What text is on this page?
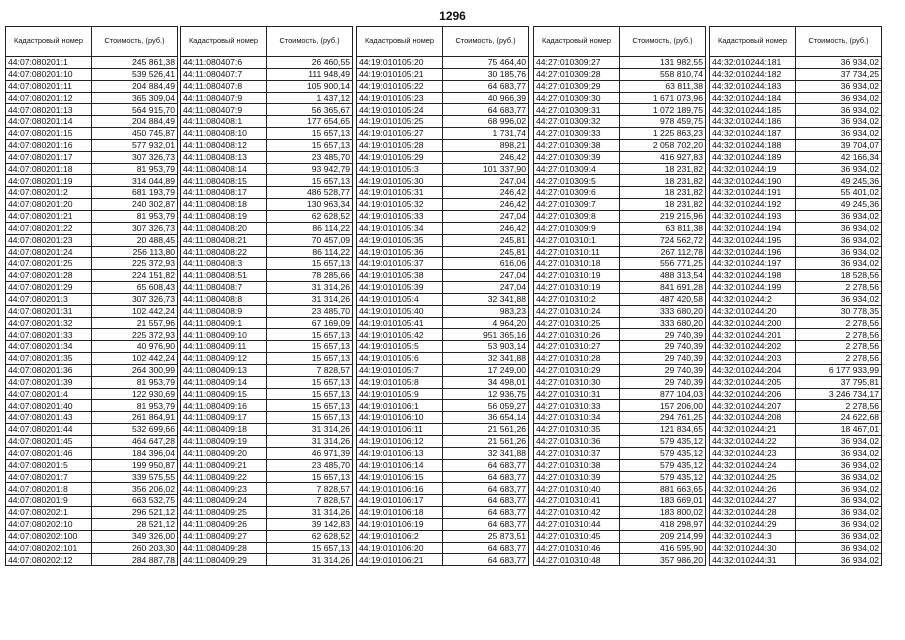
1296
Кадастровый номер	Стоимость, (руб.)
44:07:080201:1	245 861,38
44:07:080201:10	539 526,41
44:07:080201:11	204 884,49
44:07:080201:12	365 309,04
44:07:080201:13	564 915,70
44:07:080201:14	204 884,49
44:07:080201:15	450 745,87
44:07:080201:16	577 932,01
44:07:080201:17	307 326,73
44:07:080201:18	81 953,79
44:07:080201:19	314 044,89
44:07:080201:2	681 193,79
44:07:080201:20	240 302,87
44:07:080201:21	81 953,79
44:07:080201:22	307 326,73
44:07:080201:23	20 488,45
44:07:080201:24	256 113,80
44:07:080201:25	225 372,93
44:07:080201:28	224 151,82
44:07:080201:29	65 608,43
44:07:080201:3	307 326,73
44:07:080201:31	102 442,24
44:07:080201:32	21 557,96
44:07:080201:33	225 372,93
44:07:080201:34	40 976,90
44:07:080201:35	102 442,24
44:07:080201:36	264 300,99
44:07:080201:39	81 953,79
44:07:080201:4	122 930,69
44:07:080201:40	81 953,79
44:07:080201:43	261 864,91
44:07:080201:44	532 699,66
44:07:080201:45	464 647,28
44:07:080201:46	184 396,04
44:07:080201:5	199 950,87
44:07:080201:7	339 575,55
44:07:080201:8	356 206,02
44:07:080201:9	663 532,75
44:07:080202:1	296 521,12
44:07:080202:10	28 521,12
44:07:080202:100	349 326,00
44:07:080202:101	260 203,30
44:07:080202:12	284 887,78
Кадастровый номер	Стоимость, (руб.)
44:11:080407:6	26 460,55
44:11:080407:7	111 948,49
44:11:080407:8	105 900,14
44:11:080407:9	1 437,12
44:11:080407:9	56 365,67
44:11:080408:1	177 654,65
44:11:080408:10	15 657,13
44:11:080408:12	15 657,13
44:11:080408:13	23 485,70
44:11:080408:14	93 942,79
44:11:080408:15	15 657,13
44:11:080408:17	486 528,77
44:11:080408:18	130 963,34
44:11:080408:19	62 628,52
44:11:080408:20	86 114,22
44:11:080408:21	70 457,09
44:11:080408:22	86 114,22
44:11:080408:3	15 657,13
44:11:080408:51	78 285,66
44:11:080408:7	31 314,26
44:11:080408:8	31 314,26
44:11:080408:9	23 485,70
44:11:080409:1	67 169,09
44:11:080409:10	15 657,13
44:11:080409:11	15 657,13
44:11:080409:12	15 657,13
44:11:080409:13	7 828,57
44:11:080409:14	15 657,13
44:11:080409:15	15 657,13
44:11:080409:16	15 657,13
44:11:080409:17	15 657,13
44:11:080409:18	31 314,26
44:11:080409:19	31 314,26
44:11:080409:20	46 971,39
44:11:080409:21	23 485,70
44:11:080409:22	15 657,13
44:11:080409:23	7 828,57
44:11:080409:24	7 828,57
44:11:080409:25	31 314,26
44:11:080409:26	39 142,83
44:11:080409:27	62 628,52
44:11:080409:28	15 657,13
44:11:080409:29	31 314,26
Кадастровый номер	Стоимость, (руб.)
44:19:010105:20	75 464,40
44:19:010105:21	30 185,76
44:19:010105:22	64 683,77
44:19:010105:23	40 966,39
44:19:010105:24	64 683,77
44:19:010105:25	68 996,02
44:19:010105:27	1 731,74
44:19:010105:28	898,21
44:19:010105:29	246,42
44:19:010105:3	101 337,90
44:19:010105:30	247,04
44:19:010105:31	246,42
44:19:010105:32	246,42
44:19:010105:33	247,04
44:19:010105:34	246,42
44:19:010105:35	245,81
44:19:010105:36	245,81
44:19:010105:37	616,06
44:19:010105:38	247,04
44:19:010105:39	247,04
44:19:010105:4	32 341,88
44:19:010105:40	983,23
44:19:010105:41	4 964,20
44:19:010105:42	951 365,16
44:19:010105:5	53 903,14
44:19:010105:6	32 341,88
44:19:010105:7	17 249,00
44:19:010105:8	34 498,01
44:19:010105:9	12 936,75
44:19:010106:1	56 059,27
44:19:010106:10	36 654,14
44:19:010106:11	21 561,26
44:19:010106:12	21 561,26
44:19:010106:13	32 341,88
44:19:010106:14	64 683,77
44:19:010106:15	64 683,77
44:19:010106:16	64 683,77
44:19:010106:17	64 683,77
44:19:010106:18	64 683,77
44:19:010106:19	64 683,77
44:19:010106:2	25 873,51
44:19:010106:20	64 683,77
44:19:010106:21	64 683,77
Кадастровый номер	Стоимость, (руб.)
44:27:010309:27	131 982,55
44:27:010309:28	558 810,74
44:27:010309:29	63 811,38
44:27:010309:30	1 671 073,96
44:27:010309:31	1 072 189,75
44:27:010309:32	978 459,75
44:27:010309:33	1 225 863,23
44:27:010309:38	2 058 702,20
44:27:010309:39	416 927,83
44:27:010309:4	18 231,82
44:27:010309:5	18 231,82
44:27:010309:6	18 231,82
44:27:010309:7	18 231,82
44:27:010309:8	219 215,96
44:27:010309:9	63 811,38
44:27:010310:1	724 562,72
44:27:010310:11	267 112,78
44:27:010310:18	556 771,25
44:27:010310:19	488 313,54
44:27:010310:19	841 691,28
44:27:010310:2	487 420,58
44:27:010310:24	333 680,20
44:27:010310:25	333 680,20
44:27:010310:26	29 740,39
44:27:010310:27	29 740,39
44:27:010310:28	29 740,39
44:27:010310:29	29 740,39
44:27:010310:30	29 740,39
44:27:010310:31	877 104,03
44:27:010310:33	157 206,00
44:27:010310:34	294 761,25
44:27:010310:35	121 834,65
44:27:010310:36	579 435,12
44:27:010310:37	579 435,12
44:27:010310:38	579 435,12
44:27:010310:39	579 435,12
44:27:010310:40	881 663,65
44:27:010310:41	183 669,01
44:27:010310:42	183 800,02
44:27:010310:44	418 298,97
44:27:010310:45	209 214,99
44:27:010310:46	416 595,90
44:27:010310:48	357 986,20
Кадастровый номер	Стоимость, (руб.)
44:32:010244:181	36 934,02
44:32:010244:182	37 734,25
44:32:010244:183	36 934,02
44:32:010244:184	36 934,02
44:32:010244:185	36 934,02
44:32:010244:186	36 934,02
44:32:010244:187	36 934,02
44:32:010244:188	39 704,07
44:32:010244:189	42 166,34
44:32:010244:19	36 934,02
44:32:010244:190	49 245,36
44:32:010244:191	55 401,02
44:32:010244:192	49 245,36
44:32:010244:193	36 934,02
44:32:010244:194	36 934,02
44:32:010244:195	36 934,02
44:32:010244:196	36 934,02
44:32:010244:197	36 934,02
44:32:010244:198	18 528,56
44:32:010244:199	2 278,56
44:32:010244:2	36 934,02
44:32:010244:20	30 778,35
44:32:010244:200	2 278,56
44:32:010244:201	2 278,56
44:32:010244:202	2 278,56
44:32:010244:203	2 278,56
44:32:010244:204	6 177 933,99
44:32:010244:205	37 795,81
44:32:010244:206	3 246 734,17
44:32:010244:207	2 278,56
44:32:010244:208	24 622,68
44:32:010244:21	18 467,01
44:32:010244:22	36 934,02
44:32:010244:23	36 934,02
44:32:010244:24	36 934,02
44:32:010244:25	36 934,02
44:32:010244:26	36 934,02
44:32:010244:27	36 934,02
44:32:010244:28	36 934,02
44:32:010244:29	36 934,02
44:32:010244:3	36 934,02
44:32:010244:30	36 934,02
44:32:010244:31	36 934,02
